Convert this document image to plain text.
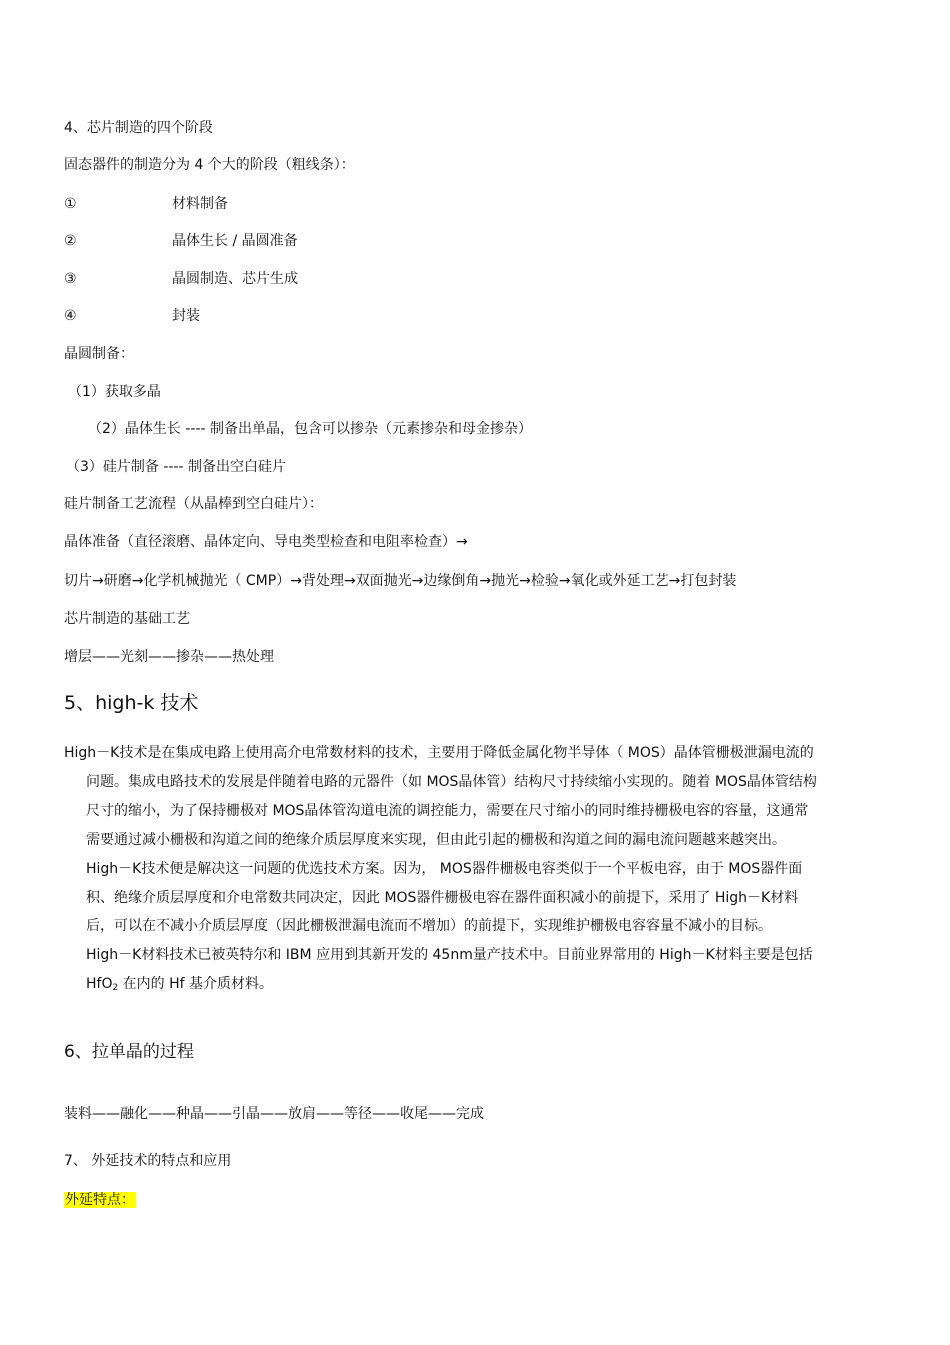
4、芯片制造的四个阶段
固态器件的制造分为 4 个大的阶段（粗线条）：
①	材料制备
②	晶体生长 / 晶圆准备
③	晶圆制造、芯片生成
④	封装
晶圆制备：
（1）获取多晶
（2）晶体生长 ---- 制备出单晶，包含可以掺杂（元素掺杂和母金掺杂）
（3）硅片制备 ---- 制备出空白硅片
硅片制备工艺流程（从晶棒到空白硅片）：
晶体准备（直径滚磨、晶体定向、导电类型检查和电阻率检查）→
切片→研磨→化学机械抛光（ CMP）→背处理→双面抛光→边缘倒角→抛光→检验→氧化或外延工艺→打包封装
芯片制造的基础工艺
增层——光刻——掺杂——热处理
5、high-k 技术
High－K技术是在集成电路上使用高介电常数材料的技术，主要用于降低金属化物半导体（ MOS）晶体管栅极泄漏电流的
问题。集成电路技术的发展是伴随着电路的元器件（如 MOS晶体管）结构尺寸持续缩小实现的。随着 MOS晶体管结构
尺寸的缩小，为了保持栅极对 MOS晶体管沟道电流的调控能力，需要在尺寸缩小的同时维持栅极电容的容量，这通常
需要通过减小栅极和沟道之间的绝缘介质层厚度来实现，但由此引起的栅极和沟道之间的漏电流问题越来越突出。
High－K技术便是解决这一问题的优选技术方案。因为， MOS器件栅极电容类似于一个平板电容，由于 MOS器件面
积、绝缘介质层厚度和介电常数共同决定，因此 MOS器件栅极电容在器件面积减小的前提下，采用了 High－K材料
后，可以在不减小介质层厚度（因此栅极泄漏电流而不增加）的前提下，实现维护栅极电容容量不减小的目标。
High－K材料技术已被英特尔和 IBM 应用到其新开发的 45nm量产技术中。目前业界常用的 High－K材料主要是包括
HfO$_2$ 在内的 Hf 基介质材料。
6、拉单晶的过程
装料——融化——种晶——引晶——放肩——等径——收尾——完成
7、 外延技术的特点和应用
外延特点：
